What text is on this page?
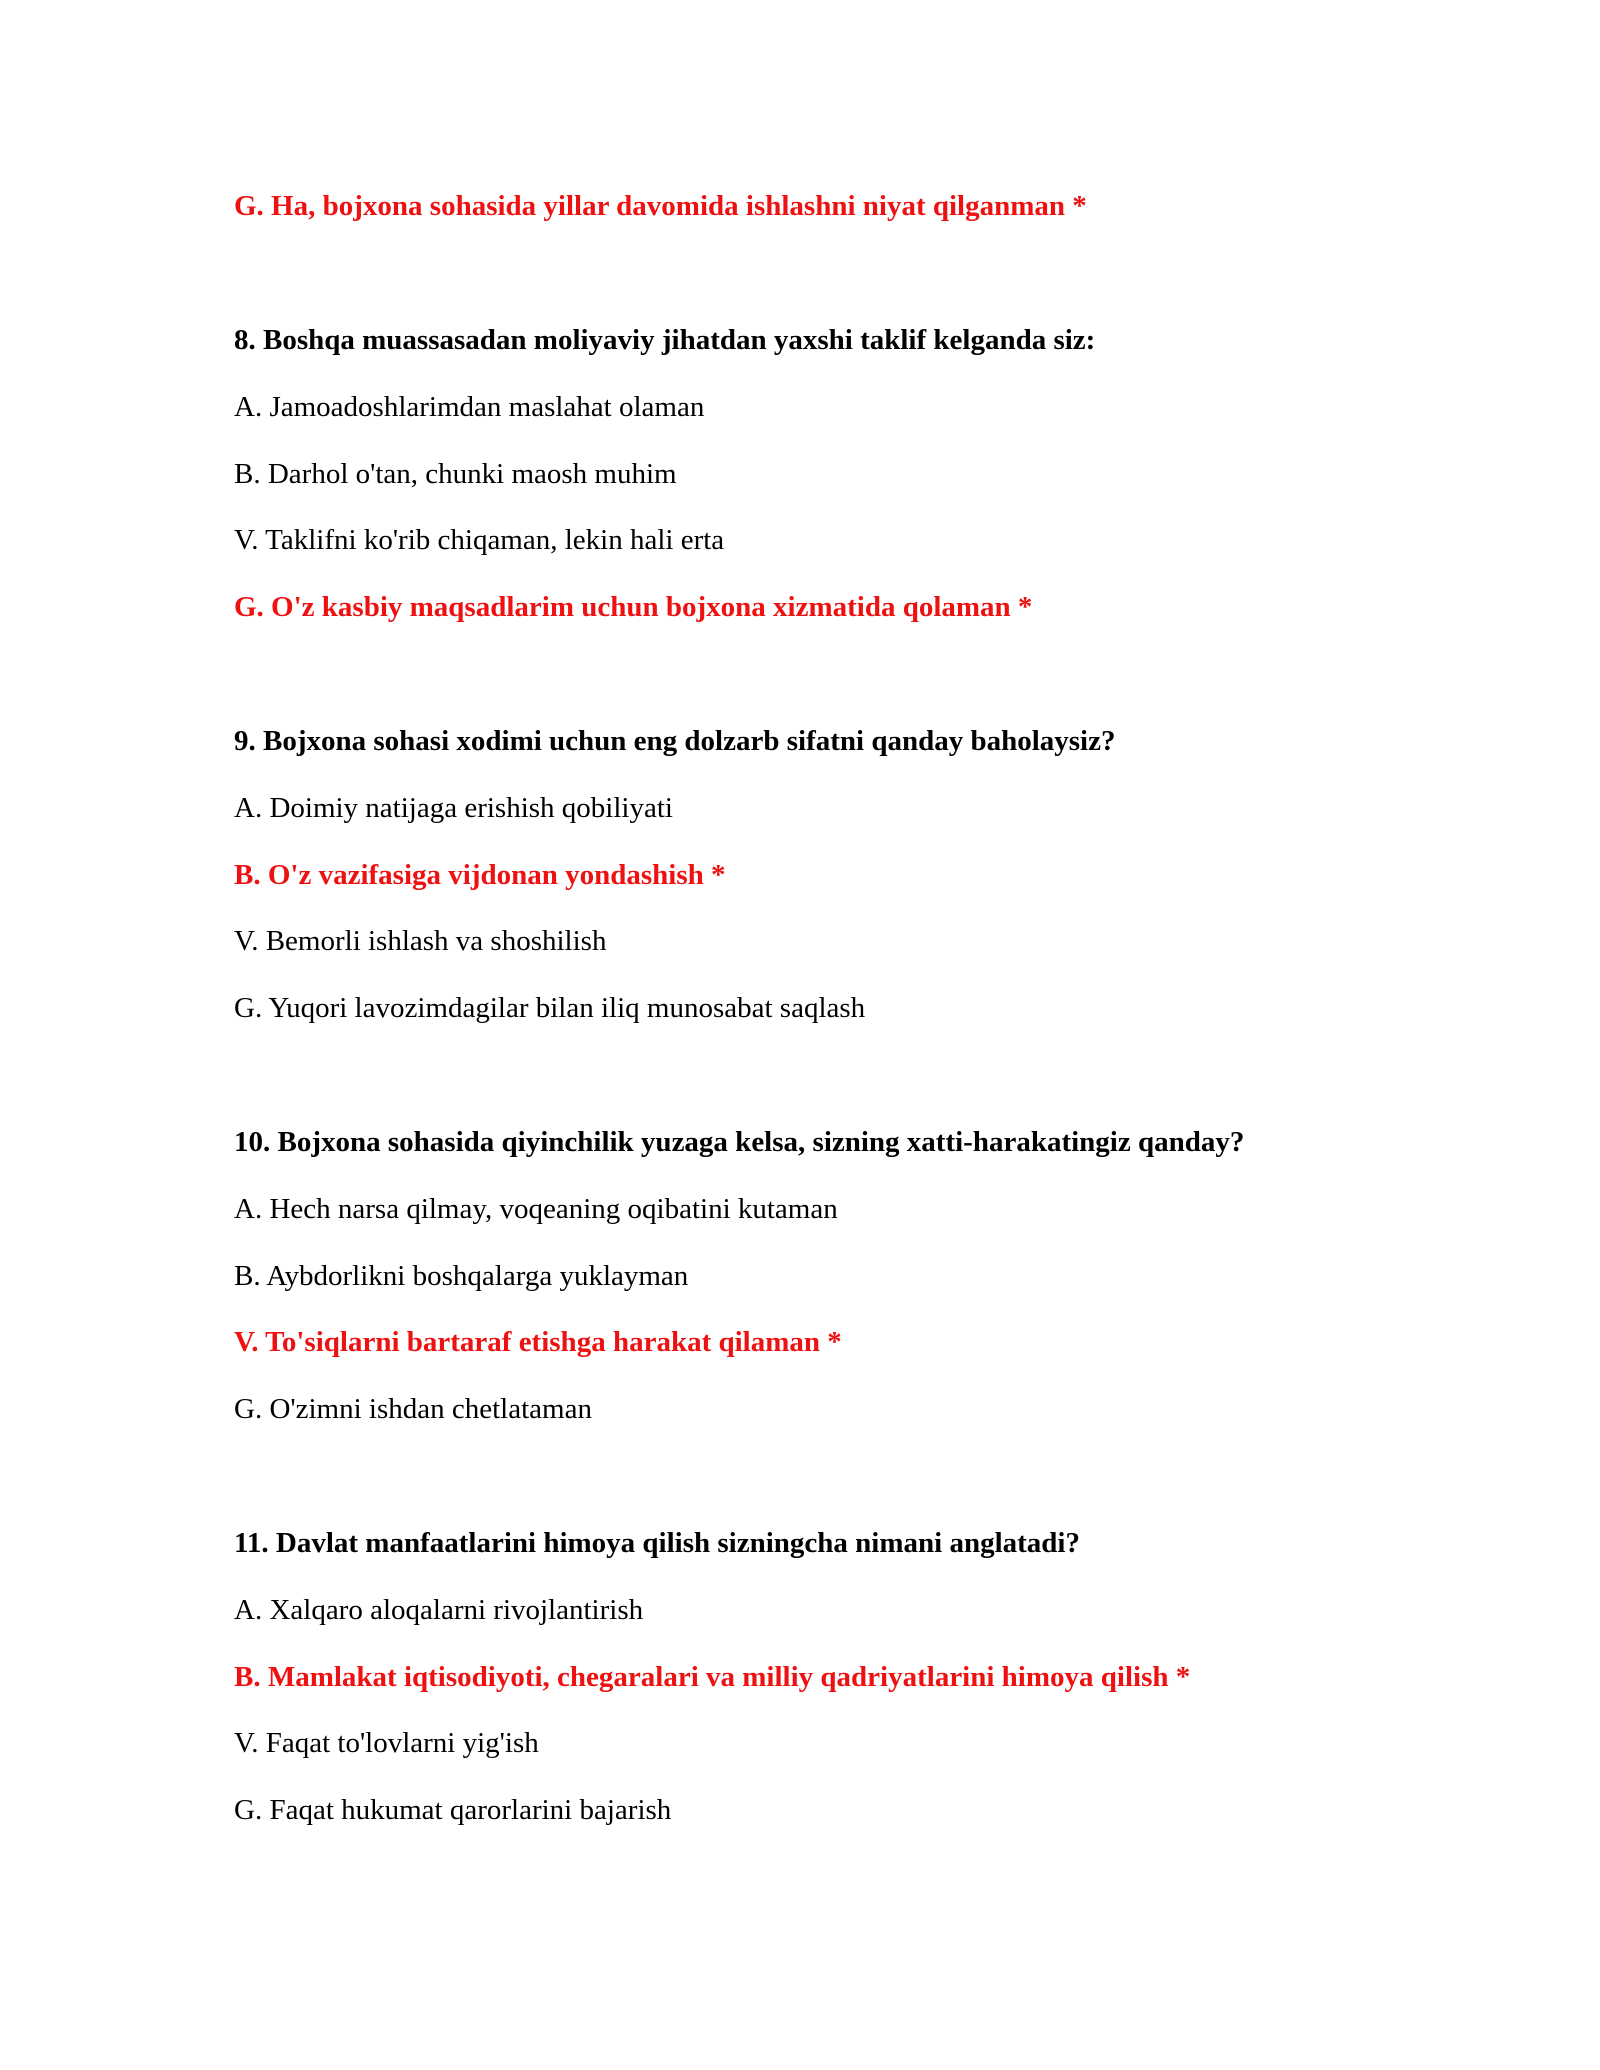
G. Ha, bojxona sohasida yillar davomida ishlashni niyat qilganman *

8. Boshqa muassasadan moliyaviy jihatdan yaxshi taklif kelganda siz:

A. Jamoadoshlarimdan maslahat olaman

B. Darhol o'tan, chunki maosh muhim

V. Taklifni ko'rib chiqaman, lekin hali erta

G. O'z kasbiy maqsadlarim uchun bojxona xizmatida qolaman *

9. Bojxona sohasi xodimi uchun eng dolzarb sifatni qanday baholaysiz?

A. Doimiy natijaga erishish qobiliyati

B. O'z vazifasiga vijdonan yondashish *

V. Bemorli ishlash va shoshilish

G. Yuqori lavozimdagilar bilan iliq munosabat saqlash

10. Bojxona sohasida qiyinchilik yuzaga kelsa, sizning xatti-harakatingiz qanday?

A. Hech narsa qilmay, voqeaning oqibatini kutaman

B. Aybdorlikni boshqalarga yuklayman

V. To'siqlarni bartaraf etishga harakat qilaman *

G. O'zimni ishdan chetlataman

11. Davlat manfaatlarini himoya qilish sizningcha nimani anglatadi?

A. Xalqaro aloqalarni rivojlantirish

B. Mamlakat iqtisodiyoti, chegaralari va milliy qadriyatlarini himoya qilish *

V. Faqat to'lovlarni yig'ish

G. Faqat hukumat qarorlarini bajarish
